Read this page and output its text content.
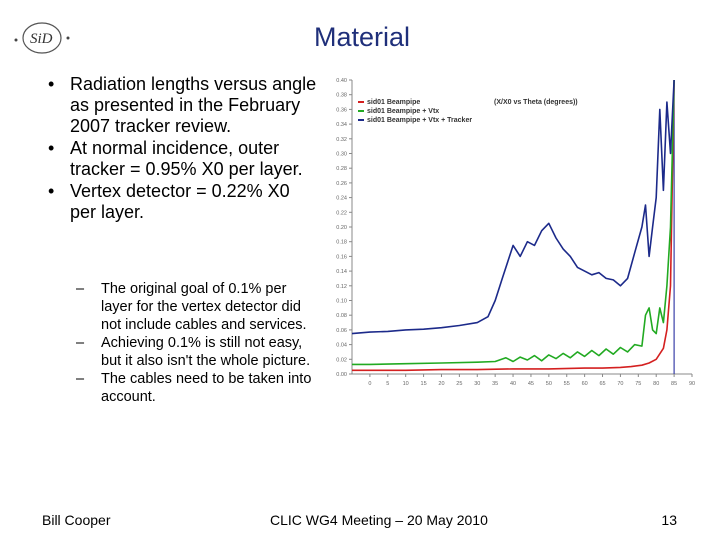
SiD	Material
• Radiation lengths versus angle as presented in the February 2007 tracker review.
• At normal incidence, outer tracker = 0.95% X0 per layer.
• Vertex detector = 0.22% X0 per layer.
– The original goal of 0.1% per layer for the vertex detector did not include cables and services.
– Achieving 0.1% is still not easy, but it also isn't the whole picture.
– The cables need to be taken into account.
0.00
0.02
0.04
0.06
0.08
0.10
0.12
0.14
0.16
0.18
0.20
0.22
0.24
0.26
0.28
0.30
0.32
0.34
0.36
0.38
0.40
0	5 10 15 20 25 30 35 40 45 50 55 60 65 70 75 80 85 90
sid01 Beampipe
sid01 Beampipe + Vtx
sid01 Beampipe + Vtx + Tracker
(X/X0 vs Theta (degrees))
Bill Cooper	CLIC WG4 Meeting – 20 May 2010	13
